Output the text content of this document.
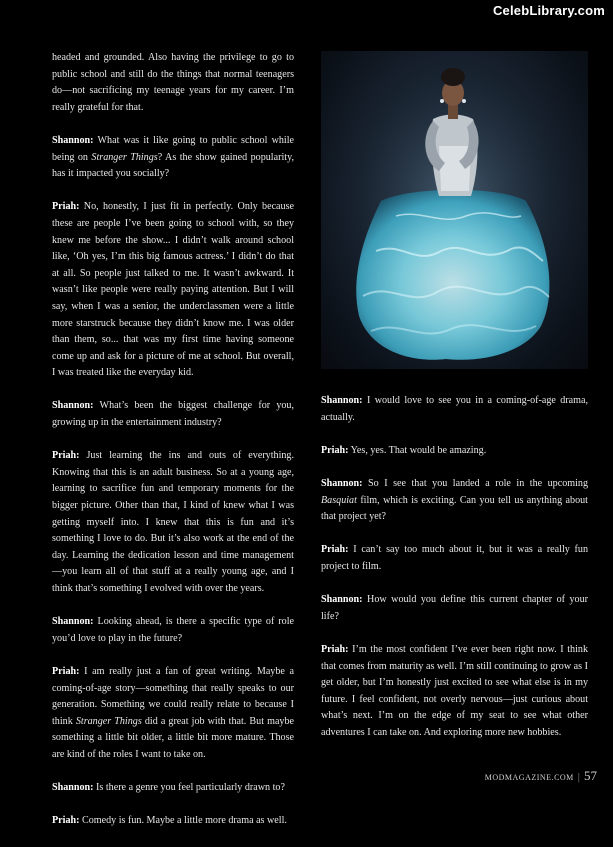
CelebLibrary.com

headed and grounded. Also having the privilege to go to public school and still do the things that normal teenagers do—not sacrificing my teenage years for my career. I’m really grateful for that.

Shannon: What was it like going to public school while being on Stranger Things? As the show gained popularity, has it impacted you socially?

Priah: No, honestly, I just fit in perfectly. Only because these are people I’ve been going to school with, so they knew me before the show... I didn’t walk around school like, ‘Oh yes, I’m this big famous actress.’ I didn’t do that at all. So people just talked to me. It wasn’t awkward. It wasn’t like people were really paying attention. But I will say, when I was a senior, the underclassmen were a little more starstruck because they didn’t know me. I was older than them, so... that was my first time having someone come up and ask for a picture of me at school. But overall, I was treated like the everyday kid.

Shannon: What’s been the biggest challenge for you, growing up in the entertainment industry?

Priah: Just learning the ins and outs of everything. Knowing that this is an adult business. So at a young age, learning to sacrifice fun and temporary moments for the bigger picture. Other than that, I kind of knew what I was getting myself into. I knew that this is fun and it’s something I love to do. But it’s also work at the end of the day. Learning the dedication lesson and time management—you learn all of that stuff at a really young age, and I think that’s something I evolved with over the years.

Shannon: Looking ahead, is there a specific type of role you’d love to play in the future?

Priah: I am really just a fan of great writing. Maybe a coming-of-age story—something that really speaks to our generation. Something we could really relate to because I think Stranger Things did a great job with that. But maybe something a little bit older, a little bit more mature. Those are kind of the roles I want to take on.

Shannon: Is there a genre you feel particularly drawn to?

Priah: Comedy is fun. Maybe a little more drama as well.

Shannon: I would love to see you in a coming-of-age drama, actually.

Priah: Yes, yes. That would be amazing.

Shannon: So I see that you landed a role in the upcoming Basquiat film, which is exciting. Can you tell us anything about that project yet?

Priah: I can’t say too much about it, but it was a really fun project to film.

Shannon: How would you define this current chapter of your life?

Priah: I’m the most confident I’ve ever been right now. I think that comes from maturity as well. I’m still continuing to grow as I get older, but I’m honestly just excited to see what else is in my future. I feel confident, not overly nervous—just curious about what’s next. I’m on the edge of my seat to see what other adventures I can take on. And exploring more new hobbies.

MODMAGAZINE.COM | 57
